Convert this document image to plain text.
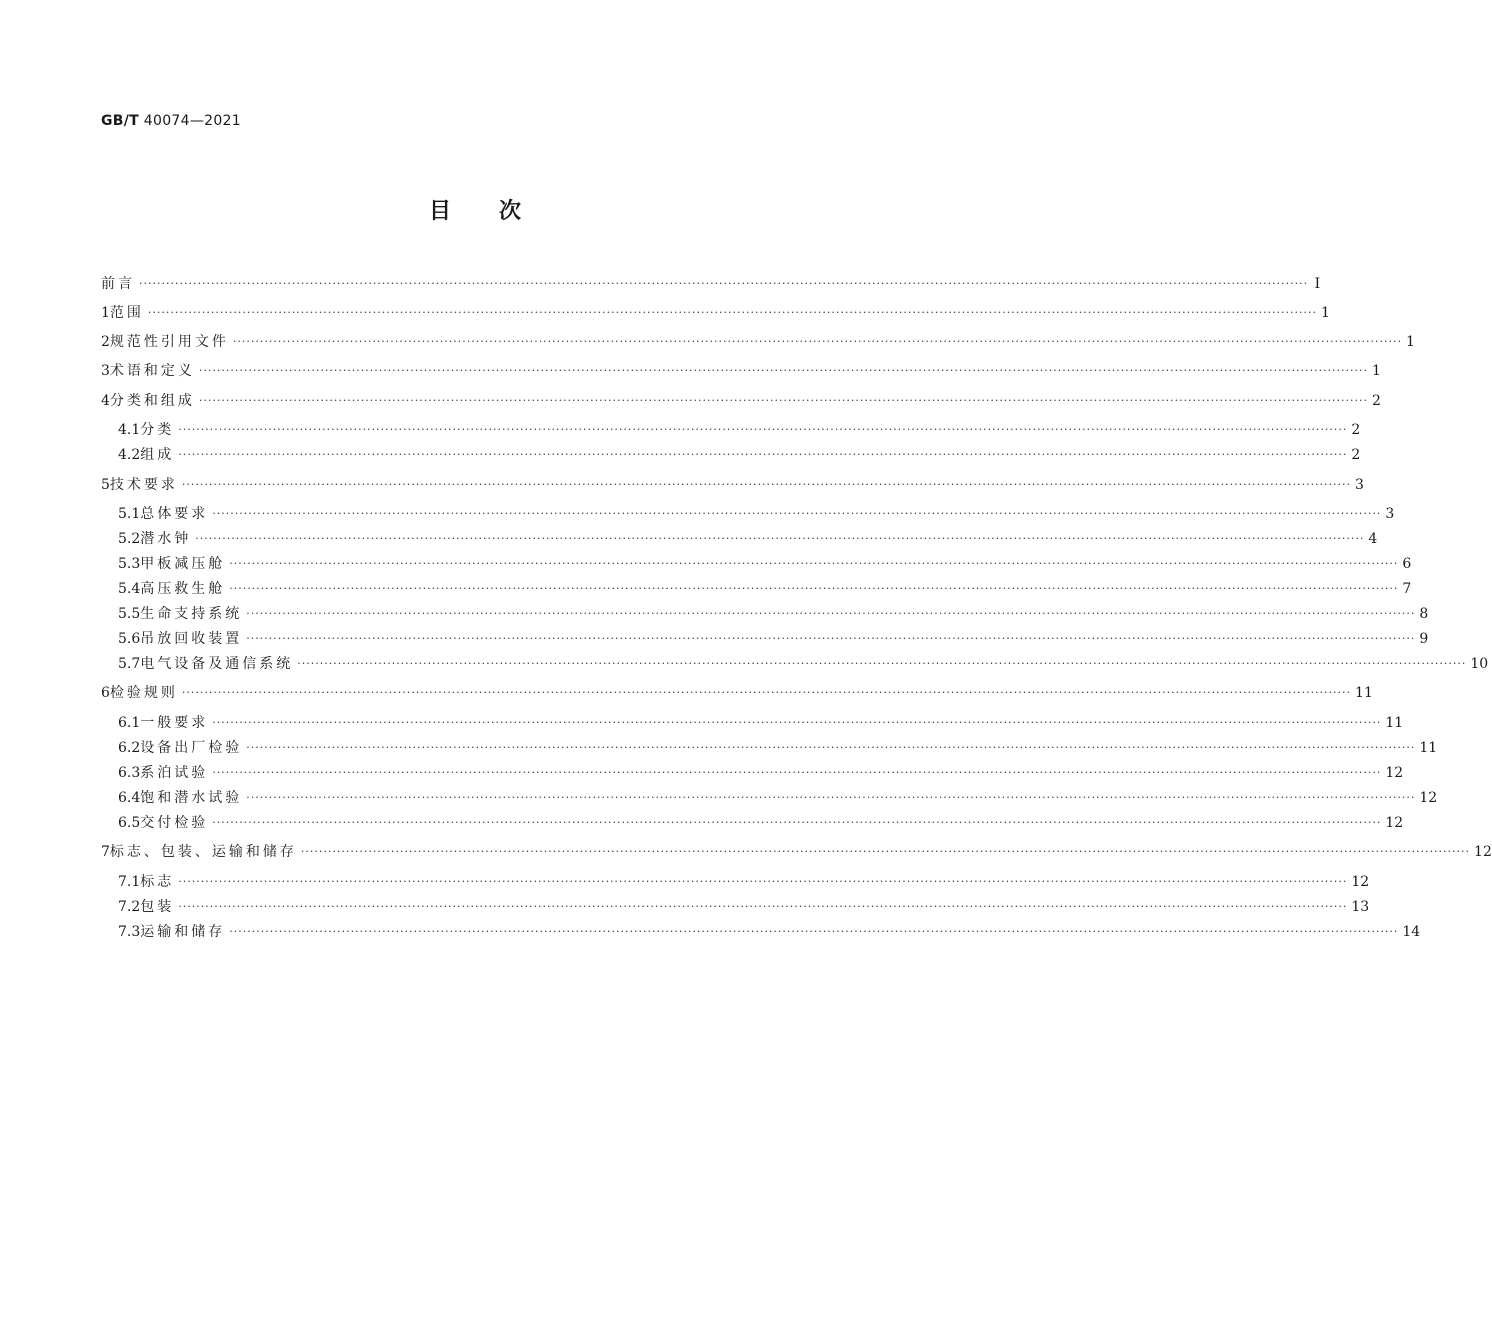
GB/T 40074—2021
目次
前言 ···································································································································································································································································· Ⅰ
1 范围 ···································································································································································································································································· 1
2 规范性引用文件 ···································································································································································································································································· 1
3 术语和定义 ···································································································································································································································································· 1
4 分类和组成 ···································································································································································································································································· 2
4.1 分类 ···································································································································································································································································· 2
4.2 组成 ···································································································································································································································································· 2
5 技术要求 ···································································································································································································································································· 3
5.1 总体要求 ···································································································································································································································································· 3
5.2 潜水钟 ···································································································································································································································································· 4
5.3 甲板减压舱 ···································································································································································································································································· 6
5.4 高压救生舱 ···································································································································································································································································· 7
5.5 生命支持系统 ···································································································································································································································································· 8
5.6 吊放回收装置 ···································································································································································································································································· 9
5.7 电气设备及通信系统 ···································································································································································································································································· 10
6 检验规则 ···································································································································································································································································· 11
6.1 一般要求 ···································································································································································································································································· 11
6.2 设备出厂检验 ···································································································································································································································································· 11
6.3 系泊试验 ···································································································································································································································································· 12
6.4 饱和潜水试验 ···································································································································································································································································· 12
6.5 交付检验 ···································································································································································································································································· 12
7 标志、包装、运输和储存 ···································································································································································································································································· 12
7.1 标志 ···································································································································································································································································· 12
7.2 包装 ···································································································································································································································································· 13
7.3 运输和储存 ···································································································································································································································································· 14
